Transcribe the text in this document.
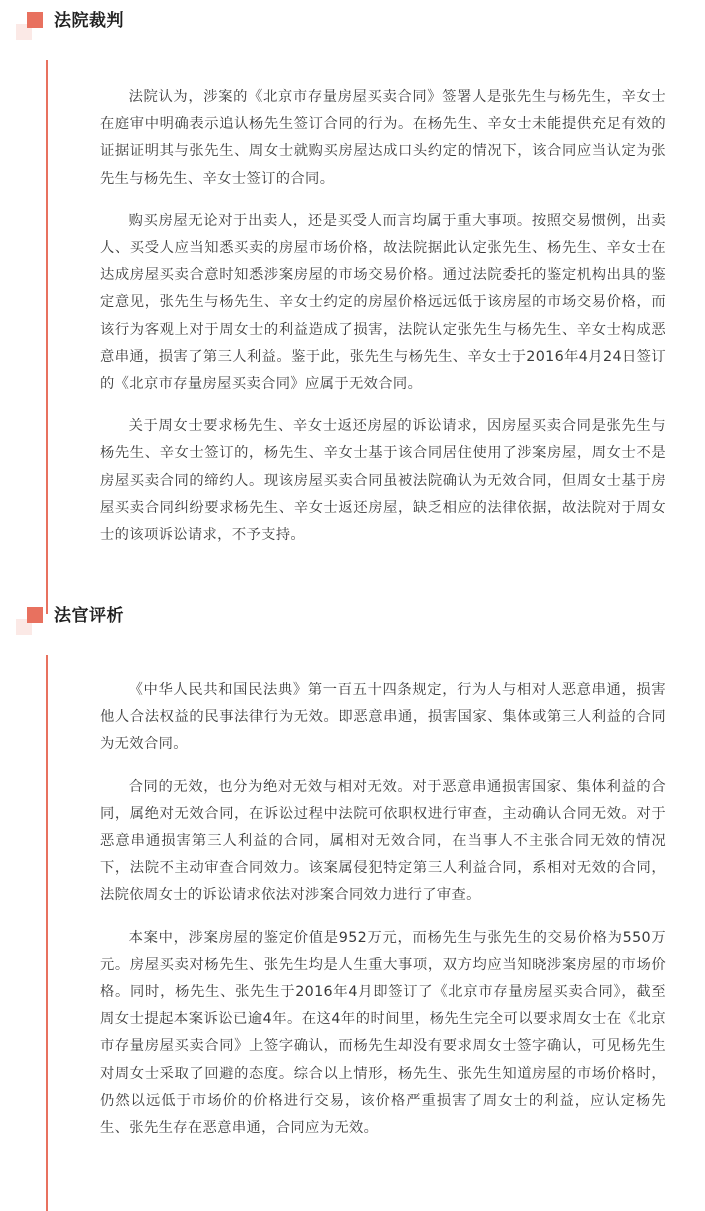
法院裁判

法院认为，涉案的《北京市存量房屋买卖合同》签署人是张先生与杨先生，辛女士在庭审中明确表示追认杨先生签订合同的行为。在杨先生、辛女士未能提供充足有效的证据证明其与张先生、周女士就购买房屋达成口头约定的情况下，该合同应当认定为张先生与杨先生、辛女士签订的合同。

购买房屋无论对于出卖人，还是买受人而言均属于重大事项。按照交易惯例，出卖人、买受人应当知悉买卖的房屋市场价格，故法院据此认定张先生、杨先生、辛女士在达成房屋买卖合意时知悉涉案房屋的市场交易价格。通过法院委托的鉴定机构出具的鉴定意见，张先生与杨先生、辛女士约定的房屋价格远远低于该房屋的市场交易价格，而该行为客观上对于周女士的利益造成了损害，法院认定张先生与杨先生、辛女士构成恶意串通，损害了第三人利益。鉴于此，张先生与杨先生、辛女士于2016年4月24日签订的《北京市存量房屋买卖合同》应属于无效合同。

关于周女士要求杨先生、辛女士返还房屋的诉讼请求，因房屋买卖合同是张先生与杨先生、辛女士签订的，杨先生、辛女士基于该合同居住使用了涉案房屋，周女士不是房屋买卖合同的缔约人。现该房屋买卖合同虽被法院确认为无效合同，但周女士基于房屋买卖合同纠纷要求杨先生、辛女士返还房屋，缺乏相应的法律依据，故法院对于周女士的该项诉讼请求，不予支持。

法官评析

《中华人民共和国民法典》第一百五十四条规定，行为人与相对人恶意串通，损害他人合法权益的民事法律行为无效。即恶意串通，损害国家、集体或第三人利益的合同为无效合同。

合同的无效，也分为绝对无效与相对无效。对于恶意串通损害国家、集体利益的合同，属绝对无效合同，在诉讼过程中法院可依职权进行审查，主动确认合同无效。对于恶意串通损害第三人利益的合同，属相对无效合同，在当事人不主张合同无效的情况下，法院不主动审查合同效力。该案属侵犯特定第三人利益合同，系相对无效的合同，法院依周女士的诉讼请求依法对涉案合同效力进行了审查。

本案中，涉案房屋的鉴定价值是952万元，而杨先生与张先生的交易价格为550万元。房屋买卖对杨先生、张先生均是人生重大事项，双方均应当知晓涉案房屋的市场价格。同时，杨先生、张先生于2016年4月即签订了《北京市存量房屋买卖合同》，截至周女士提起本案诉讼已逾4年。在这4年的时间里，杨先生完全可以要求周女士在《北京市存量房屋买卖合同》上签字确认，而杨先生却没有要求周女士签字确认，可见杨先生对周女士采取了回避的态度。综合以上情形，杨先生、张先生知道房屋的市场价格时，仍然以远低于市场价的价格进行交易，该价格严重损害了周女士的利益，应认定杨先生、张先生存在恶意串通，合同应为无效。
